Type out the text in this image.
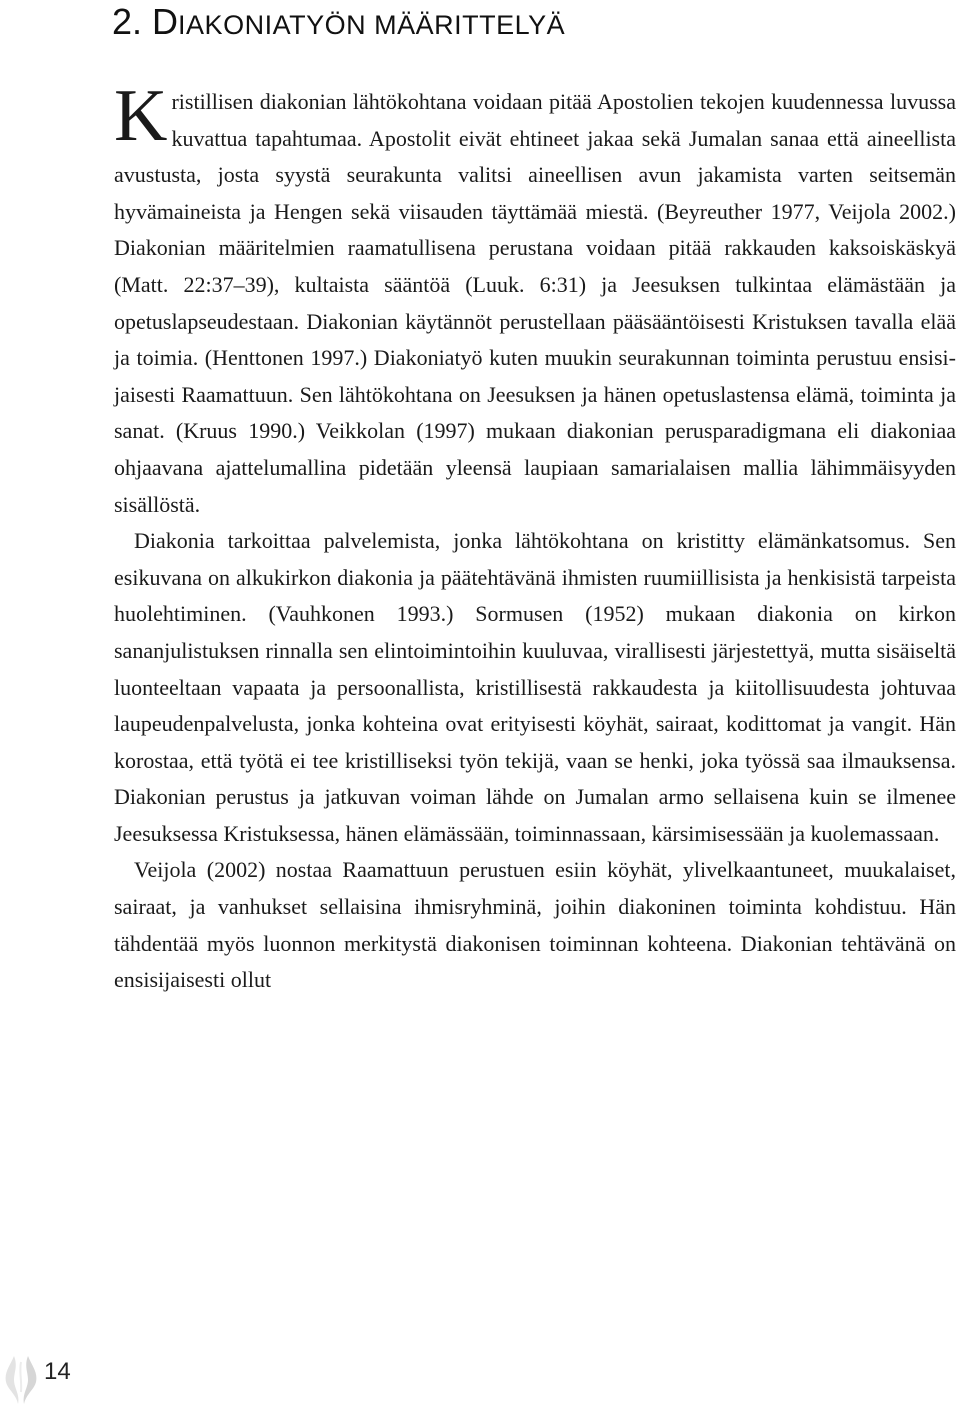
2. DIAKONIATYÖN MÄÄRITTELYÄ

Kristillisen diakonian lähtökohtana voidaan pitää Apostolien tekojen kuudennessa luvussa kuvattua tapahtumaa. Apostolit eivät ehtineet jakaa sekä Jumalan sanaa että aineellista avustusta, josta syystä seurakunta valitsi aineellisen avun jakamista varten seitsemän hyvämaineista ja Hengen sekä viisauden täyttämää miestä. (Beyreuther 1977, Veijola 2002.) Diakonian määritelmien raamatullisena perustana voidaan pitää rakkauden kaksoiskäskyä (Matt. 22:37–39), kultaista sääntöä (Luuk. 6:31) ja Jeesuksen tulkintaa elämästään ja opetuslapseudestaan. Diakonian käytännöt perustellaan pääsääntöisesti Kristuksen tavalla elää ja toimia. (Henttonen 1997.) Diakoniatyö kuten muukin seurakunnan toiminta perustuu ensisijaisesti Raamattuun. Sen lähtökohtana on Jeesuksen ja hänen opetuslastensa elämä, toiminta ja sanat. (Kruus 1990.) Veikkolan (1997) mukaan diakonian perusparadigmana eli diakoniaa ohjaavana ajattelumallina pidetään yleensä laupiaan samarialaisen mallia lähimmäisyyden sisällöstä.

Diakonia tarkoittaa palvelemista, jonka lähtökohtana on kristitty elämänkatsomus. Sen esikuvana on alkukirkon diakonia ja päätehtävänä ihmisten ruumiillisista ja henkisistä tarpeista huolehtiminen. (Vauhkonen 1993.) Sormusen (1952) mukaan diakonia on kirkon sananjulistuksen rinnalla sen elintoimintoihin kuuluvaa, virallisesti järjestettyä, mutta sisäiseltä luonteeltaan vapaata ja persoonallista, kristillisestä rakkaudesta ja kiitollisuudesta johtuvaa laupeudenpalvelusta, jonka kohteina ovat erityisesti köyhät, sairaat, kodittomat ja vangit. Hän korostaa, että työtä ei tee kristilliseksi työn tekijä, vaan se henki, joka työssä saa ilmauksensa. Diakonian perustus ja jatkuvan voiman lähde on Jumalan armo sellaisena kuin se ilmenee Jeesuksessa Kristuksessa, hänen elämässään, toiminnassaan, kärsimisessään ja kuolemassaan.

Veijola (2002) nostaa Raamattuun perustuen esiin köyhät, ylivelkaantuneet, muukalaiset, sairaat, ja vanhukset sellaisina ihmisryhminä, joihin diakoninen toiminta kohdistuu. Hän tähdentää myös luonnon merkitystä diakonisen toiminnan kohteena. Diakonian tehtävänä on ensisijaisesti ollut

14
